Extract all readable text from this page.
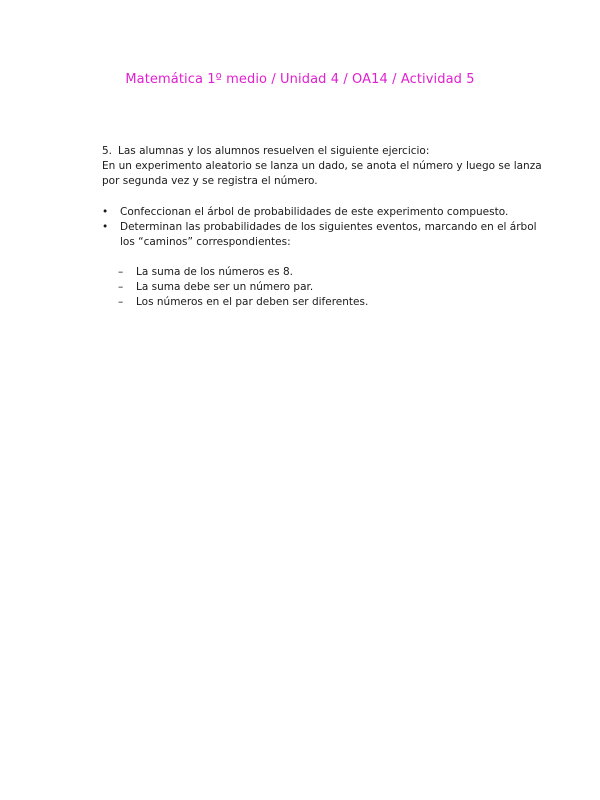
Matemática 1º medio / Unidad 4 / OA14 / Actividad 5
5. Las alumnas y los alumnos resuelven el siguiente ejercicio:

En un experimento aleatorio se lanza un dado, se anota el número y luego se lanza

por segunda vez y se registra el número.

• Confeccionan el árbol de probabilidades de este experimento compuesto.
• Determinan las probabilidades de los siguientes eventos, marcando en el árbol los “caminos” correspondientes:
– La suma de los números es 8.
– La suma debe ser un número par.
– Los números en el par deben ser diferentes.
